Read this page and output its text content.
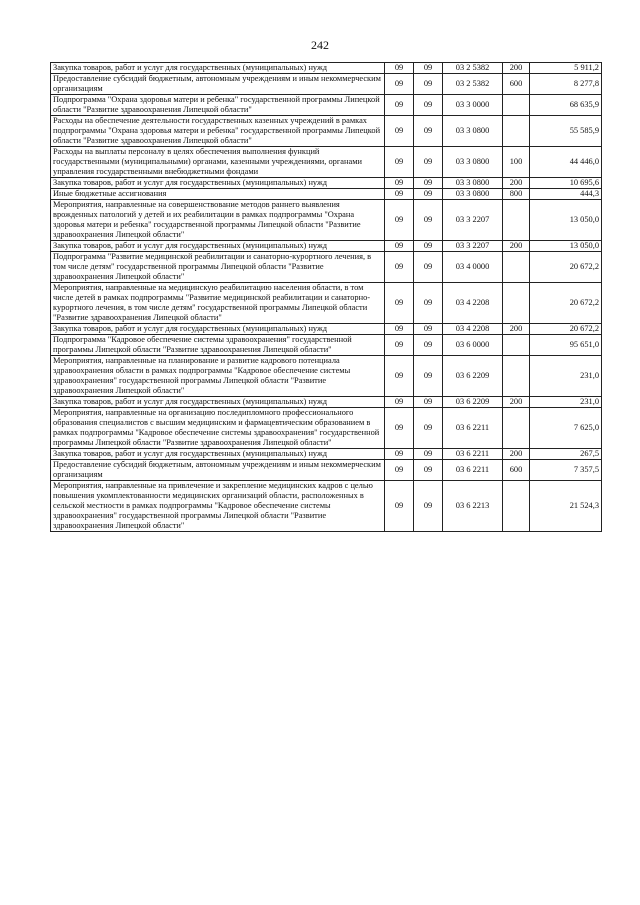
242
Закупка товаров, работ и услуг для государственных (муниципальных) нужд	09	09	03 2 5382	200	5 911,2
Предоставление субсидий бюджетным, автономным учреждениям и иным некоммерческим организациям	09	09	03 2 5382	600	8 277,8
Подпрограмма "Охрана здоровья матери и ребенка" государственной программы Липецкой области "Развитие здравоохранения Липецкой области"	09	09	03 3 0000		68 635,9
Расходы на обеспечение деятельности государственных казенных учреждений в рамках подпрограммы "Охрана здоровья матери и ребенка" государственной программы Липецкой области "Развитие здравоохранения Липецкой области"	09	09	03 3 0800		55 585,9
Расходы на выплаты персоналу в целях обеспечения выполнения функций государственными (муниципальными) органами, казенными учреждениями, органами управления государственными внебюджетными фондами	09	09	03 3 0800	100	44 446,0
Закупка товаров, работ и услуг для государственных (муниципальных) нужд	09	09	03 3 0800	200	10 695,6
Иные бюджетные ассигнования	09	09	03 3 0800	800	444,3
Мероприятия, направленные на совершенствование методов раннего выявления врожденных патологий у детей и их реабилитации в рамках подпрограммы "Охрана здоровья матери и ребенка" государственной программы Липецкой области "Развитие здравоохранения Липецкой области"	09	09	03 3 2207		13 050,0
Закупка товаров, работ и услуг для государственных (муниципальных) нужд	09	09	03 3 2207	200	13 050,0
Подпрограмма "Развитие медицинской реабилитации и санаторно-курортного лечения, в том числе детям" государственной программы Липецкой области "Развитие здравоохранения Липецкой области"	09	09	03 4 0000		20 672,2
Мероприятия, направленные на медицинскую реабилитацию населения области, в том числе детей в рамках подпрограммы "Развитие медицинской реабилитации и санаторно-курортного лечения, в том числе детям" государственной программы Липецкой области "Развитие здравоохранения Липецкой области"	09	09	03 4 2208		20 672,2
Закупка товаров, работ и услуг для государственных (муниципальных) нужд	09	09	03 4 2208	200	20 672,2
Подпрограмма "Кадровое обеспечение системы здравоохранения" государственной программы Липецкой области "Развитие здравоохранения Липецкой области"	09	09	03 6 0000		95 651,0
Мероприятия, направленные на планирование и развитие кадрового потенциала здравоохранения области в рамках подпрограммы "Кадровое обеспечение системы здравоохранения" государственной программы Липецкой области "Развитие здравоохранения Липецкой области"	09	09	03 6 2209		231,0
Закупка товаров, работ и услуг для государственных (муниципальных) нужд	09	09	03 6 2209	200	231,0
Мероприятия, направленные на организацию последипломного профессионального образования специалистов с высшим медицинским и фармацевтическим образованием в рамках подпрограммы "Кадровое обеспечение системы здравоохранения" государственной программы Липецкой области "Развитие здравоохранения Липецкой области"	09	09	03 6 2211		7 625,0
Закупка товаров, работ и услуг для государственных (муниципальных) нужд	09	09	03 6 2211	200	267,5
Предоставление субсидий бюджетным, автономным учреждениям и иным некоммерческим организациям	09	09	03 6 2211	600	7 357,5
Мероприятия, направленные на привлечение и закрепление медицинских кадров с целью повышения укомплектованности медицинских организаций области, расположенных в сельской местности в рамках подпрограммы "Кадровое обеспечение системы здравоохранения" государственной программы Липецкой области "Развитие здравоохранения Липецкой области"	09	09	03 6 2213		21 524,3
